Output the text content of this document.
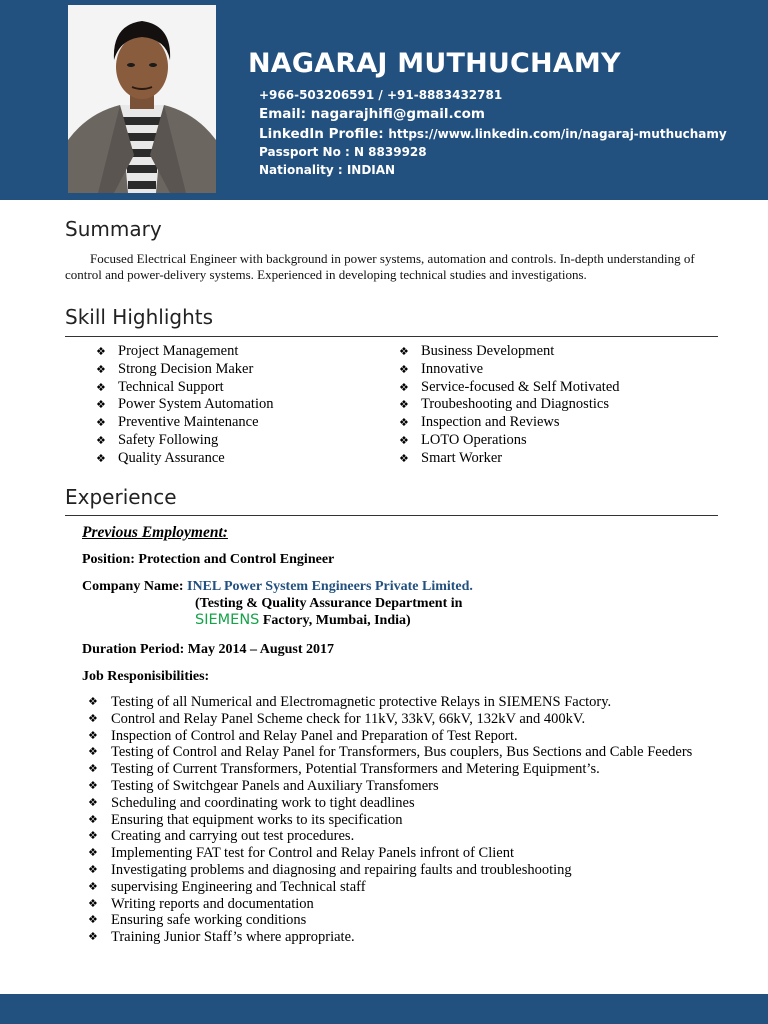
NAGARAJ MUTHUCHAMY
+966-503206591 / +91-8883432781
Email: nagarajhifi@gmail.com
LinkedIn Profile: https://www.linkedin.com/in/nagaraj-muthuchamy
Passport No : N 8839928
Nationality : INDIAN
Summary
Focused Electrical Engineer with background in power systems, automation and controls. In-depth understanding of control and power-delivery systems. Experienced in developing technical studies and investigations.
Skill Highlights
❖ Project Management
❖ Strong Decision Maker
❖ Technical Support
❖ Power System Automation
❖ Preventive Maintenance
❖ Safety Following
❖ Quality Assurance
❖ Business Development
❖ Innovative
❖ Service-focused & Self Motivated
❖ Troubeshooting and Diagnostics
❖ Inspection and Reviews
❖ LOTO Operations
❖ Smart Worker
Experience
Previous Employment:
Position: Protection and Control Engineer
Company Name: INEL Power System Engineers Private Limited.
(Testing & Quality Assurance Department in
SIEMENS Factory, Mumbai, India)
Duration Period: May 2014 – August 2017
Job Responisibilities:
❖ Testing of all Numerical and Electromagnetic protective Relays in SIEMENS Factory.
❖ Control and Relay Panel Scheme check for 11kV, 33kV, 66kV, 132kV and 400kV.
❖ Inspection of Control and Relay Panel and Preparation of Test Report.
❖ Testing of Control and Relay Panel for Transformers, Bus couplers, Bus Sections and Cable Feeders
❖ Testing of Current Transformers, Potential Transformers and Metering Equipment’s.
❖ Testing of Switchgear Panels and Auxiliary Transfomers
❖ Scheduling and coordinating work to tight deadlines
❖ Ensuring that equipment works to its specification
❖ Creating and carrying out test procedures.
❖ Implementing FAT test for Control and Relay Panels infront of Client
❖ Investigating problems and diagnosing and repairing faults and troubleshooting
❖ supervising Engineering and Technical staff
❖ Writing reports and documentation
❖ Ensuring safe working conditions
❖ Training Junior Staff’s where appropriate.
